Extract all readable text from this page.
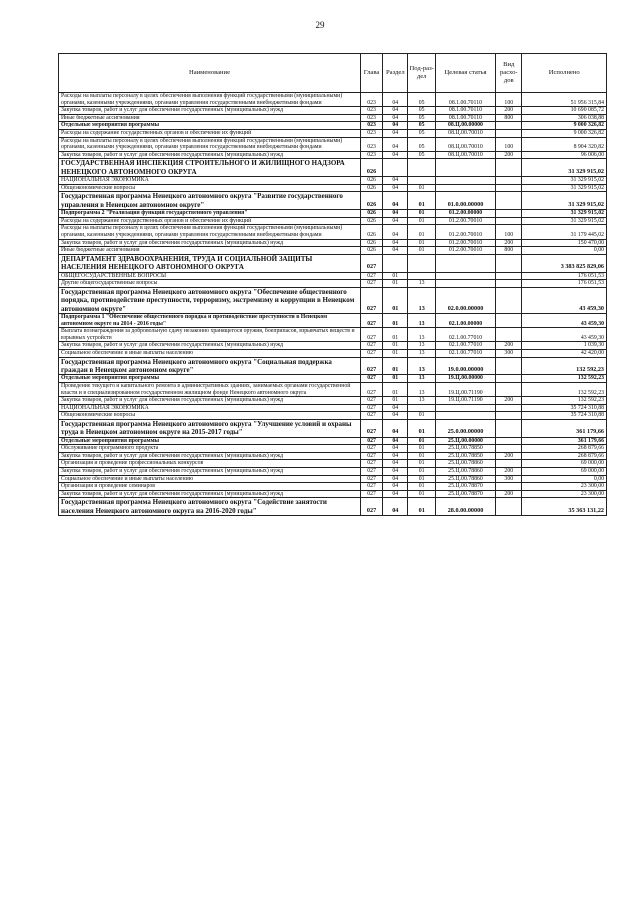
29
Наименование	Глава	Раздел	Под-раз-дел	Целевая статья	Вид расхо-дов	Исполнено
Расходы на выплаты персоналу в целях обеспечения выполнения функций государственными (муниципальными) органами, казенными учреждениями, органами управления государственными внебюджетными фондами	023	04	05	08.1.00.70110	100	51 956 315,84
Закупка товаров, работ и услуг для обеспечения государственных (муниципальных) нужд	023	04	05	08.1.00.70110	200	10 690 085,72
Иные бюджетные ассигнования	023	04	05	08.1.00.70110	800	306 038,88
Отдельные мероприятия программы	023	04	05	08.Ц.00.00000		9 000 326,82
Расходы на содержание государственных органов и обеспечение их функций	023	04	05	08.Ц.00.70010		9 000 326,82
Расходы на выплаты персоналу в целях обеспечения выполнения функций государственными (муниципальными) органами, казенными учреждениями, органами управления государственными внебюджетными фондами	023	04	05	08.Ц.00.70010	100	8 904 320,82
Закупка товаров, работ и услуг для обеспечения государственных (муниципальных) нужд	023	04	05	08.Ц.00.70010	200	96 006,00
ГОСУДАРСТВЕННАЯ ИНСПЕКЦИЯ СТРОИТЕЛЬНОГО И ЖИЛИЩНОГО НАДЗОРА НЕНЕЦКОГО АВТОНОМНОГО ОКРУГА	026					31 329 915,02
НАЦИОНАЛЬНАЯ ЭКОНОМИКА	026	04				31 329 915,02
Общеэкономические вопросы	026	04	01			31 329 915,02
Государственная программа Ненецкого автономного округа "Развитие государственного управления в Ненецком автономном округе"	026	04	01	01.0.00.00000		31 329 915,02
Подпрограмма 2 "Реализация функций государственного управления"	026	04	01	01.2.00.00000		31 329 915,02
Расходы на содержание государственных органов и обеспечение их функций	026	04	01	01.2.00.70010		31 329 915,02
Расходы на выплаты персоналу в целях обеспечения выполнения функций государственными (муниципальными) органами, казенными учреждениями, органами управления государственными внебюджетными фондами	026	04	01	01.2.00.70010	100	31 179 445,02
Закупка товаров, работ и услуг для обеспечения государственных (муниципальных) нужд	026	04	01	01.2.00.70010	200	150 470,00
Иные бюджетные ассигнования	026	04	01	01.2.00.70010	800	0,00
ДЕПАРТАМЕНТ ЗДРАВООХРАНЕНИЯ, ТРУДА И СОЦИАЛЬНОЙ ЗАЩИТЫ НАСЕЛЕНИЯ НЕНЕЦКОГО АВТОНОМНОГО ОКРУГА	027					3 383 825 829,06
ОБЩЕГОСУДАРСТВЕННЫЕ ВОПРОСЫ	027	01				176 051,53
Другие общегосударственные вопросы	027	01	13			176 051,53
Государственная программа Ненецкого автономного округа "Обеспечение общественного порядка, противодействие преступности, терроризму, экстремизму и коррупции в Ненецком автономном округе"	027	01	13	02.0.00.00000		43 459,30
Подпрограмма 1 "Обеспечение общественного порядка и противодействие преступности в Ненецком автономном округе на 2014 - 2016 годы"	027	01	13	02.1.00.00000		43 459,30
Выплата вознаграждения за добровольную сдачу незаконно хранящегося оружия, боеприпасов, взрывчатых веществ и взрывных устройств	027	01	13	02.1.00.77010		43 459,30
Закупка товаров, работ и услуг для обеспечения государственных (муниципальных) нужд	027	01	13	02.1.00.77010	200	1 039,30
Социальное обеспечение и иные выплаты населению	027	01	13	02.1.00.77010	300	42 420,00
Государственная программа Ненецкого автономного округа "Социальная поддержка граждан в Ненецком автономном округе"	027	01	13	19.0.00.00000		132 592,23
Отдельные мероприятия программы	027	01	13	19.Ц.00.00000		132 592,23
Проведение текущего и капитального ремонта в административных зданиях, занимаемых органами государственной власти и в специализированном государственном жилищном фонде Ненецкого автономного округа	027	01	13	19.Ц.00.71190		132 592,23
Закупка товаров, работ и услуг для обеспечения государственных (муниципальных) нужд	027	01	13	19.Ц.00.71190	200	132 592,23
НАЦИОНАЛЬНАЯ ЭКОНОМИКА	027	04				35 724 310,88
Общеэкономические вопросы	027	04	01			35 724 310,88
Государственная программа Ненецкого автономного округа "Улучшение условий и охраны труда в Ненецком автономном округе на 2015-2017 годы"	027	04	01	25.0.00.00000		361 179,66
Отдельные мероприятия программы	027	04	01	25.Ц.00.00000		361 179,66
Обслуживание программного продукта	027	04	01	25.Ц.00.78850		268 879,66
Закупка товаров, работ и услуг для обеспечения государственных (муниципальных) нужд	027	04	01	25.Ц.00.78850	200	268 879,66
Организация и проведение профессиональных конкурсов	027	04	01	25.Ц.00.78860		69 000,00
Закупка товаров, работ и услуг для обеспечения государственных (муниципальных) нужд	027	04	01	25.Ц.00.78860	200	69 000,00
Социальное обеспечение и иные выплаты населению	027	04	01	25.Ц.00.78860	300	0,00
Организация и проведение семинаров	027	04	01	25.Ц.00.78870		23 300,00
Закупка товаров, работ и услуг для обеспечения государственных (муниципальных) нужд	027	04	01	25.Ц.00.78870	200	23 300,00
Государственная программа Ненецкого автономного округа "Содействие занятости населения Ненецкого автономного округа на 2016-2020 годы"	027	04	01	28.0.00.00000		35 363 131,22
